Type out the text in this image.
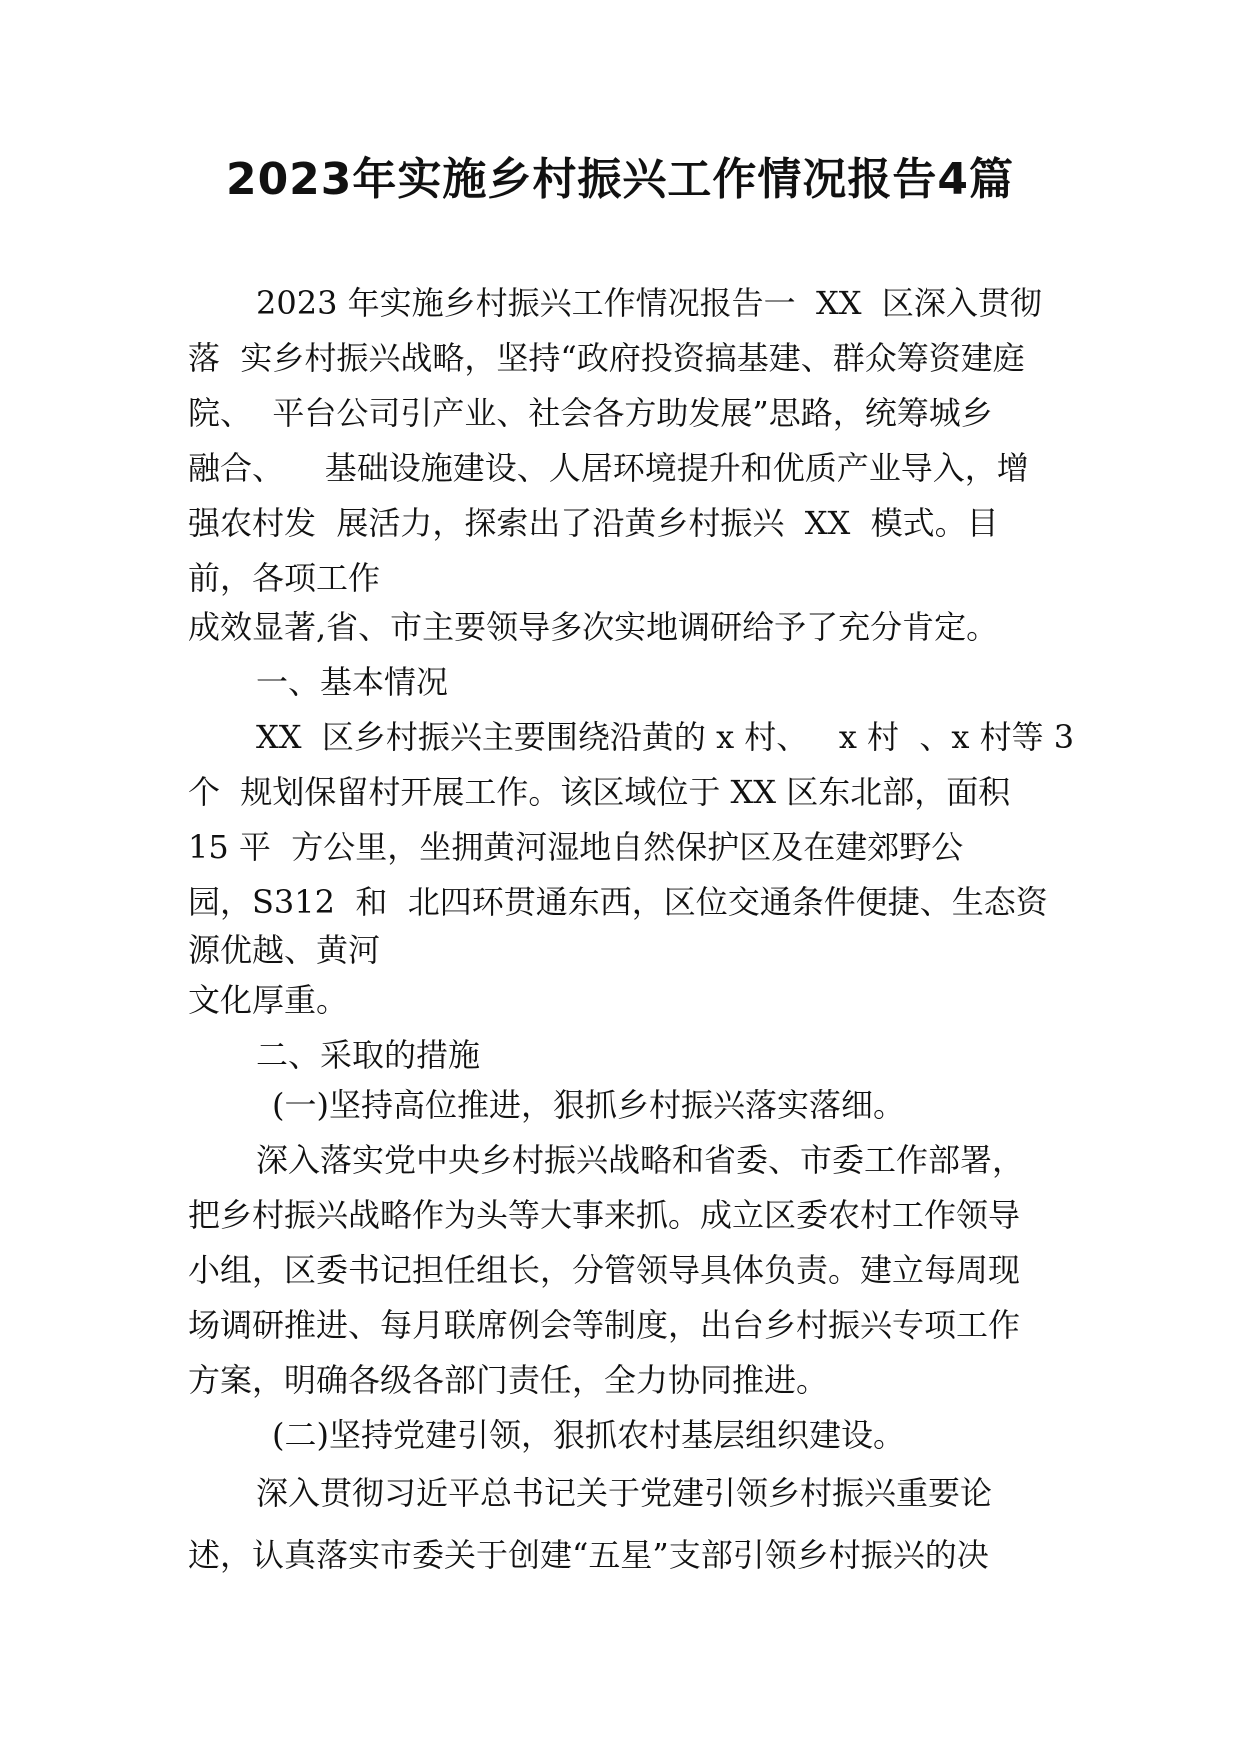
2023年实施乡村振兴工作情况报告4篇
2023 年实施乡村振兴工作情况报告一  XX  区深入贯彻
落  实乡村振兴战略，坚持“政府投资搞基建、群众筹资建庭
院、  平台公司引产业、社会各方助发展”思路，统筹城乡
融合、    基础设施建设、人居环境提升和优质产业导入，增
强农村发  展活力，探索出了沿黄乡村振兴  XX  模式。目
前，各项工作
成效显著,省、市主要领导多次实地调研给予了充分肯定。
一、基本情况
XX  区乡村振兴主要围绕沿黄的 x 村、   x 村  、x 村等 3
个  规划保留村开展工作。该区域位于 XX 区东北部，面积
15 平  方公里，坐拥黄河湿地自然保护区及在建郊野公
园，S312  和  北四环贯通东西，区位交通条件便捷、生态资
源优越、黄河
文化厚重。
二、采取的措施
(一)坚持高位推进，狠抓乡村振兴落实落细。
深入落实党中央乡村振兴战略和省委、市委工作部署，
把乡村振兴战略作为头等大事来抓。成立区委农村工作领导
小组，区委书记担任组长，分管领导具体负责。建立每周现
场调研推进、每月联席例会等制度，出台乡村振兴专项工作
方案，明确各级各部门责任，全力协同推进。
(二)坚持党建引领，狠抓农村基层组织建设。
深入贯彻习近平总书记关于党建引领乡村振兴重要论
述，认真落实市委关于创建“五星”支部引领乡村振兴的决
